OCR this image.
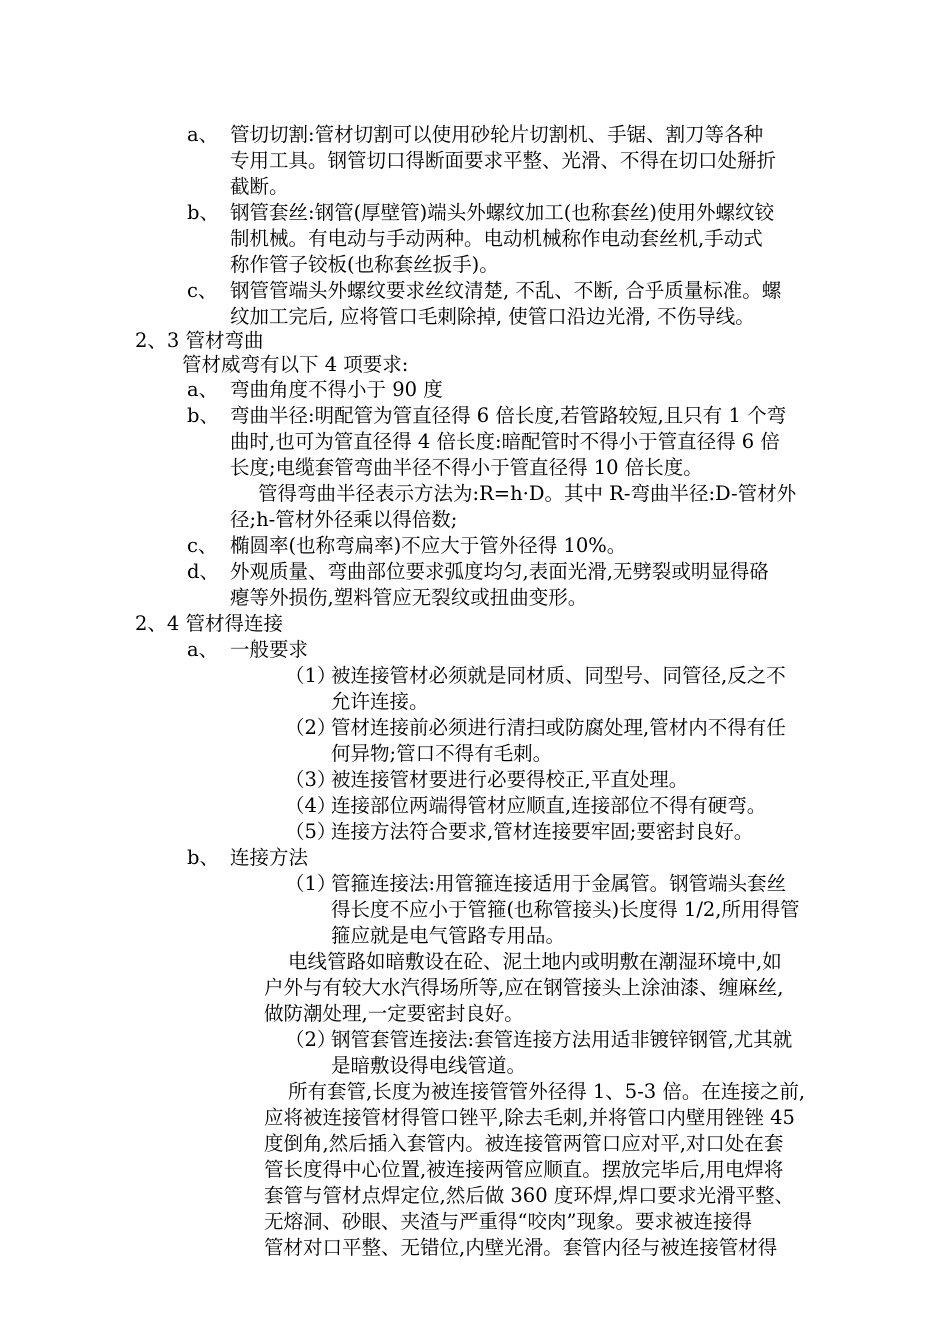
a、 管切切割:管材切割可以使用砂轮片切割机、手锯、割刀等各种
专用工具。钢管切口得断面要求平整、光滑、不得在切口处掰折
截断。
b、 钢管套丝:钢管(厚壁管)端头外螺纹加工(也称套丝)使用外螺纹铰
制机械。有电动与手动两种。电动机械称作电动套丝机,手动式
称作管子铰板(也称套丝扳手)。
c、 钢管管端头外螺纹要求丝纹清楚, 不乱、不断, 合乎质量标准。螺
纹加工完后, 应将管口毛刺除掉, 使管口沿边光滑, 不伤导线。
2、3 管材弯曲
管材威弯有以下 4 项要求:
a、 弯曲角度不得小于 90 度
b、 弯曲半径:明配管为管直径得 6 倍长度,若管路较短,且只有 1 个弯
曲时,也可为管直径得 4 倍长度:暗配管时不得小于管直径得 6 倍
长度;电缆套管弯曲半径不得小于管直径得 10 倍长度。
管得弯曲半径表示方法为:R=h·D。其中 R-弯曲半径:D-管材外
径;h-管材外径乘以得倍数;
c、 椭圆率(也称弯扁率)不应大于管外径得 10%。
d、 外观质量、弯曲部位要求弧度均匀,表面光滑,无劈裂或明显得硌
瘪等外损伤,塑料管应无裂纹或扭曲变形。
2、4 管材得连接
a、 一般要求
（1）
被连接管材必须就是同材质、同型号、同管径,反之不
允许连接。
（2）
管材连接前必须进行清扫或防腐处理,管材内不得有任
何异物;管口不得有毛刺。
（3）
被连接管材要进行必要得校正,平直处理。
（4）
连接部位两端得管材应顺直,连接部位不得有硬弯。
（5）
连接方法符合要求,管材连接要牢固;要密封良好。
b、 连接方法
（1）
管箍连接法:用管箍连接适用于金属管。钢管端头套丝
得长度不应小于管箍(也称管接头)长度得 1/2,所用得管
箍应就是电气管路专用品。
电线管路如暗敷设在砼、泥土地内或明敷在潮湿环境中,如
户外与有较大水汽得场所等,应在钢管接头上涂油漆、缠麻丝,
做防潮处理,一定要密封良好。
（2）
钢管套管连接法:套管连接方法用适非镀锌钢管,尤其就
是暗敷设得电线管道。
所有套管,长度为被连接管管外径得 1、5-3 倍。在连接之前,
应将被连接管材得管口锉平,除去毛刺,并将管口内壁用锉锉 45
度倒角,然后插入套管内。被连接管两管口应对平,对口处在套
管长度得中心位置,被连接两管应顺直。摆放完毕后,用电焊将
套管与管材点焊定位,然后做 360 度环焊,焊口要求光滑平整、
无熔洞、砂眼、夹渣与严重得“咬肉”现象。要求被连接得
管材对口平整、无错位,内壁光滑。套管内径与被连接管材得
